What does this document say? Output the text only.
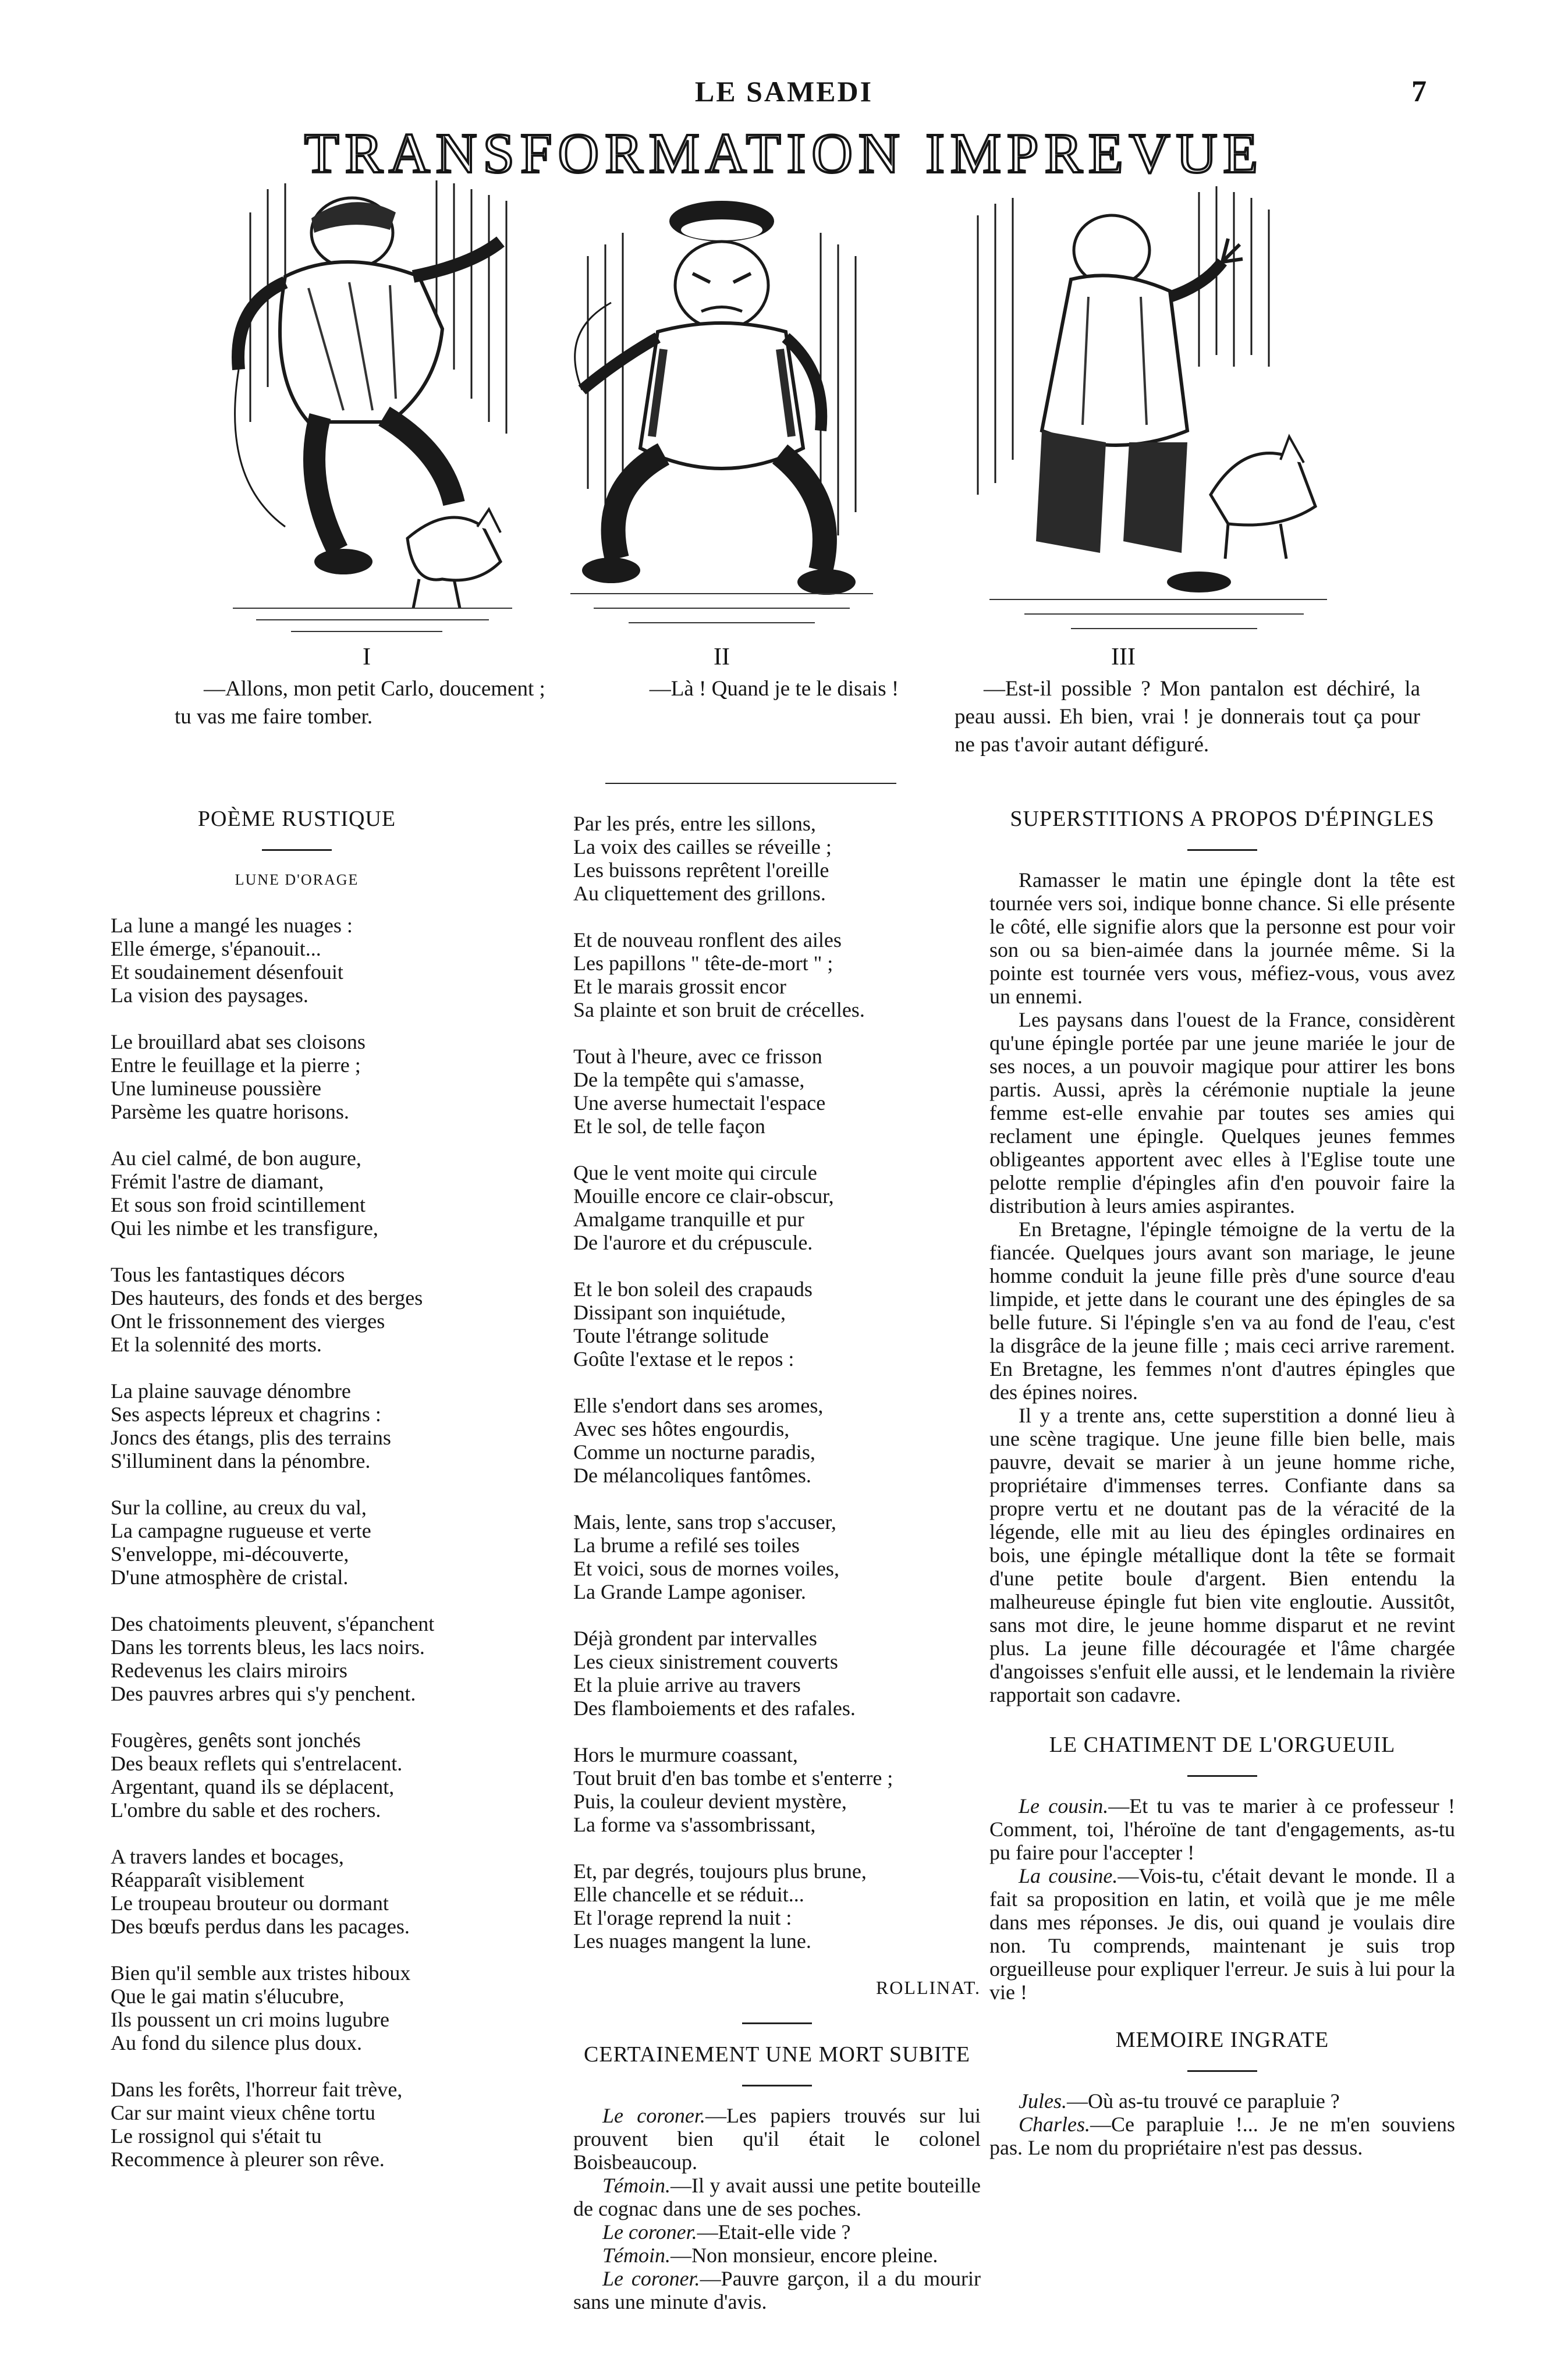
LE SAMEDI	7
TRANSFORMATION IMPREVUE
I

—Allons, mon petit Carlo, doucement ; tu vas me faire tomber.

II
—Là ! Quand je te le disais !
III

—Est-il possible ? Mon pantalon est déchiré, la peau aussi. Eh bien, vrai ! je donnerais tout ça pour ne pas t'avoir autant défiguré.

POÈME RUSTIQUE
LUNE D'ORAGE
La lune a mangé les nuages :
Elle émerge, s'épanouit...
Et soudainement désenfouit
La vision des paysages.
Le brouillard abat ses cloisons
Entre le feuillage et la pierre ;
Une lumineuse poussière
Parsème les quatre horisons.
Au ciel calmé, de bon augure,
Frémit l'astre de diamant,
Et sous son froid scintillement
Qui les nimbe et les transfigure,
Tous les fantastiques décors
Des hauteurs, des fonds et des berges
Ont le frissonnement des vierges
Et la solennité des morts.
La plaine sauvage dénombre
Ses aspects lépreux et chagrins :
Joncs des étangs, plis des terrains
S'illuminent dans la pénombre.
Sur la colline, au creux du val,
La campagne rugueuse et verte
S'enveloppe, mi-découverte,
D'une atmosphère de cristal.
Des chatoiments pleuvent, s'épanchent
Dans les torrents bleus, les lacs noirs.
Redevenus les clairs miroirs
Des pauvres arbres qui s'y penchent.
Fougères, genêts sont jonchés
Des beaux reflets qui s'entrelacent.
Argentant, quand ils se déplacent,
L'ombre du sable et des rochers.
A travers landes et bocages,
Réapparaît visiblement
Le troupeau brouteur ou dormant
Des bœufs perdus dans les pacages.
Bien qu'il semble aux tristes hiboux
Que le gai matin s'élucubre,
Ils poussent un cri moins lugubre
Au fond du silence plus doux.
Dans les forêts, l'horreur fait trève,
Car sur maint vieux chêne tortu
Le rossignol qui s'était tu
Recommence à pleurer son rêve.
Par les prés, entre les sillons,
La voix des cailles se réveille ;
Les buissons reprêtent l'oreille
Au cliquettement des grillons.
Et de nouveau ronflent des ailes
Les papillons " tête-de-mort " ;
Et le marais grossit encor
Sa plainte et son bruit de crécelles.
Tout à l'heure, avec ce frisson
De la tempête qui s'amasse,
Une averse humectait l'espace
Et le sol, de telle façon
Que le vent moite qui circule
Mouille encore ce clair-obscur,
Amalgame tranquille et pur
De l'aurore et du crépuscule.
Et le bon soleil des crapauds
Dissipant son inquiétude,
Toute l'étrange solitude
Goûte l'extase et le repos :
Elle s'endort dans ses aromes,
Avec ses hôtes engourdis,
Comme un nocturne paradis,
De mélancoliques fantômes.
Mais, lente, sans trop s'accuser,
La brume a refilé ses toiles
Et voici, sous de mornes voiles,
La Grande Lampe agoniser.
Déjà grondent par intervalles
Les cieux sinistrement couverts
Et la pluie arrive au travers
Des flamboiements et des rafales.
Hors le murmure coassant,
Tout bruit d'en bas tombe et s'enterre ;
Puis, la couleur devient mystère,
La forme va s'assombrissant,
Et, par degrés, toujours plus brune,
Elle chancelle et se réduit...
Et l'orage reprend la nuit :
Les nuages mangent la lune.
ROLLINAT.
CERTAINEMENT UNE MORT SUBITE

Le coroner.—Les papiers trouvés sur lui prouvent bien qu'il était le colonel Boisbeaucoup.

Témoin.—Il y avait aussi une petite bouteille de cognac dans une de ses poches.

Le coroner.—Etait-elle vide ?

Témoin.—Non monsieur, encore pleine.

Le coroner.—Pauvre garçon, il a du mourir sans une minute d'avis.

SUPERSTITIONS A PROPOS D'ÉPINGLES

Ramasser le matin une épingle dont la tête est tournée vers soi, indique bonne chance. Si elle présente le côté, elle signifie alors que la personne est pour voir son ou sa bien-aimée dans la journée même. Si la pointe est tournée vers vous, méfiez-vous, vous avez un ennemi.

Les paysans dans l'ouest de la France, considèrent qu'une épingle portée par une jeune mariée le jour de ses noces, a un pouvoir magique pour attirer les bons partis. Aussi, après la cérémonie nuptiale la jeune femme est-elle envahie par toutes ses amies qui reclament une épingle. Quelques jeunes femmes obligeantes apportent avec elles à l'Eglise toute une pelotte remplie d'épingles afin d'en pouvoir faire la distribution à leurs amies aspirantes.

En Bretagne, l'épingle témoigne de la vertu de la fiancée. Quelques jours avant son mariage, le jeune homme conduit la jeune fille près d'une source d'eau limpide, et jette dans le courant une des épingles de sa belle future. Si l'épingle s'en va au fond de l'eau, c'est la disgrâce de la jeune fille ; mais ceci arrive rarement. En Bretagne, les femmes n'ont d'autres épingles que des épines noires.

Il y a trente ans, cette superstition a donné lieu à une scène tragique. Une jeune fille bien belle, mais pauvre, devait se marier à un jeune homme riche, propriétaire d'immenses terres. Confiante dans sa propre vertu et ne doutant pas de la véracité de la légende, elle mit au lieu des épingles ordinaires en bois, une épingle métallique dont la tête se formait d'une petite boule d'argent. Bien entendu la malheureuse épingle fut bien vite engloutie. Aussitôt, sans mot dire, le jeune homme disparut et ne revint plus. La jeune fille découragée et l'âme chargée d'angoisses s'enfuit elle aussi, et le lendemain la rivière rapportait son cadavre.

LE CHATIMENT DE L'ORGUEUIL

Le cousin.—Et tu vas te marier à ce professeur ! Comment, toi, l'héroïne de tant d'engagements, as-tu pu faire pour l'accepter !

La cousine.—Vois-tu, c'était devant le monde. Il a fait sa proposition en latin, et voilà que je me mêle dans mes réponses. Je dis, oui quand je voulais dire non. Tu comprends, maintenant je suis trop orgueilleuse pour expliquer l'erreur. Je suis à lui pour la vie !

MEMOIRE INGRATE

Jules.—Où as-tu trouvé ce parapluie ?

Charles.—Ce parapluie !... Je ne m'en souviens pas. Le nom du propriétaire n'est pas dessus.
